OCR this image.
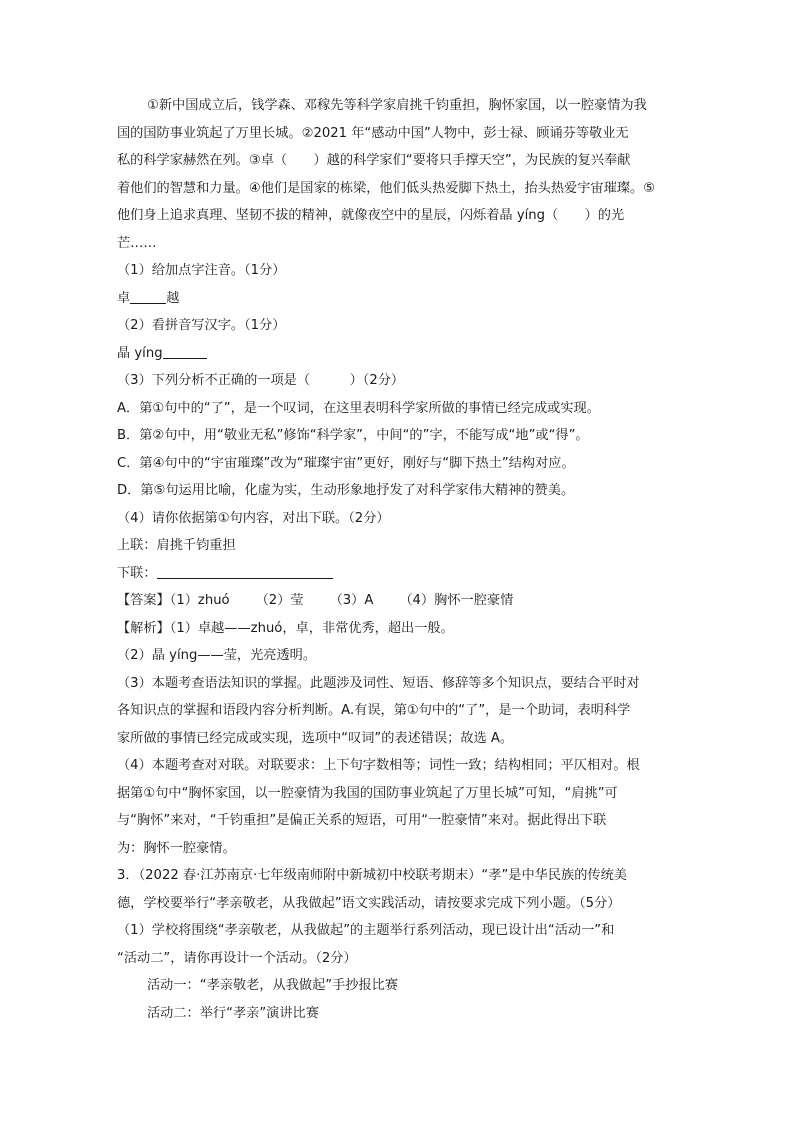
①新中国成立后，钱学森、邓稼先等科学家肩挑千钧重担，胸怀家国，以一腔豪情为我
国的国防事业筑起了万里长城。②2021 年“感动中国”人物中，彭士禄、顾诵芬等敬业无
私的科学家赫然在列。③卓（　　）越的科学家们“要将只手撑天空”，为民族的复兴奉献
着他们的智慧和力量。④他们是国家的栋梁，他们低头热爱脚下热土，抬头热爱宇宙璀璨。⑤
他们身上追求真理、坚韧不拔的精神，就像夜空中的星辰，闪烁着晶 yíng（　　）的光
芒……
（1）给加点字注音。（1分）
卓	越
（2）看拼音写汉字。（1分）
晶 yíng
（3）下列分析不正确的一项是（　　　）（2分）
A．第①句中的“了”，是一个叹词，在这里表明科学家所做的事情已经完成或实现。
B．第②句中，用“敬业无私”修饰“科学家”，中间“的”字，不能写成“地”或“得”。
C．第④句中的“宇宙璀璨”改为“璀璨宇宙”更好，刚好与“脚下热土”结构对应。
D．第⑤句运用比喻，化虚为实，生动形象地抒发了对科学家伟大精神的赞美。
（4）请你依据第①句内容，对出下联。（2分）
上联：肩挑千钧重担
下联：
【答案】（1）zhuó （2）莹 （3）A （4）胸怀一腔豪情
【解析】（1）卓越——zhuó，卓，非常优秀，超出一般。
（2）晶 yíng——莹，光亮透明。
（3）本题考查语法知识的掌握。此题涉及词性、短语、修辞等多个知识点，要结合平时对
各知识点的掌握和语段内容分析判断。A.有误，第①句中的“了”，是一个助词，表明科学
家所做的事情已经完成或实现，选项中“叹词”的表述错误；故选 A。
（4）本题考查对对联。对联要求：上下句字数相等；词性一致；结构相同；平仄相对。根
据第①句中“胸怀家国，以一腔豪情为我国的国防事业筑起了万里长城”可知，“肩挑”可
与“胸怀”来对，“千钧重担”是偏正关系的短语，可用“一腔豪情”来对。据此得出下联
为：胸怀一腔豪情。
3．（2022 春·江苏南京·七年级南师附中新城初中校联考期末）“孝”是中华民族的传统美
德，学校要举行“孝亲敬老，从我做起”语文实践活动，请按要求完成下列小题。（5分）
（1）学校将围绕“孝亲敬老，从我做起”的主题举行系列活动，现已设计出“活动一”和
“活动二”，请你再设计一个活动。（2分）
活动一：“孝亲敬老，从我做起”手抄报比赛
活动二：举行“孝亲”演讲比赛
